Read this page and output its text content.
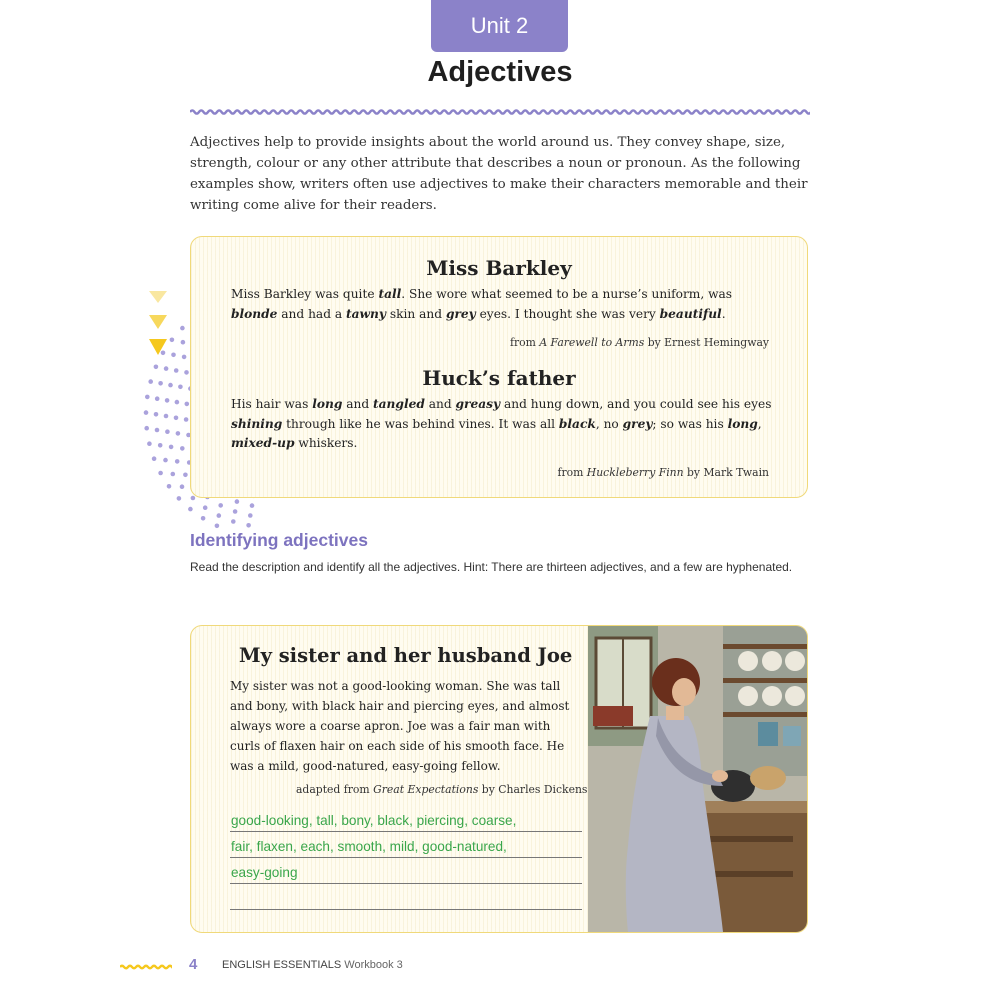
Unit 2
Adjectives

Adjectives help to provide insights about the world around us. They convey shape, size, strength, colour or any other attribute that describes a noun or pronoun. As the following examples show, writers often use adjectives to make their characters memorable and their writing come alive for their readers.

Miss Barkley

Miss Barkley was quite tall. She wore what seemed to be a nurse’s uniform, was blonde and had a tawny skin and grey eyes. I thought she was very beautiful.

from A Farewell to Arms by Ernest Hemingway
Huck’s father

His hair was long and tangled and greasy and hung down, and you could see his eyes shining through like he was behind vines. It was all black, no grey; so was his long, mixed-up whiskers.

from Huckleberry Finn by Mark Twain
Identifying adjectives

Read the description and identify all the adjectives. Hint: There are thirteen adjectives, and a few are hyphenated.

My sister and her husband Joe

My sister was not a good-looking woman. She was tall and bony, with black hair and piercing eyes, and almost always wore a coarse apron. Joe was a fair man with curls of flaxen hair on each side of his smooth face. He was a mild, good-natured, easy-going fellow.

adapted from Great Expectations by Charles Dickens
good-looking, tall, bony, black, piercing, coarse,
fair, flaxen, each, smooth, mild, good-natured,
easy-going
4 ENGLISH ESSENTIALS Workbook 3
